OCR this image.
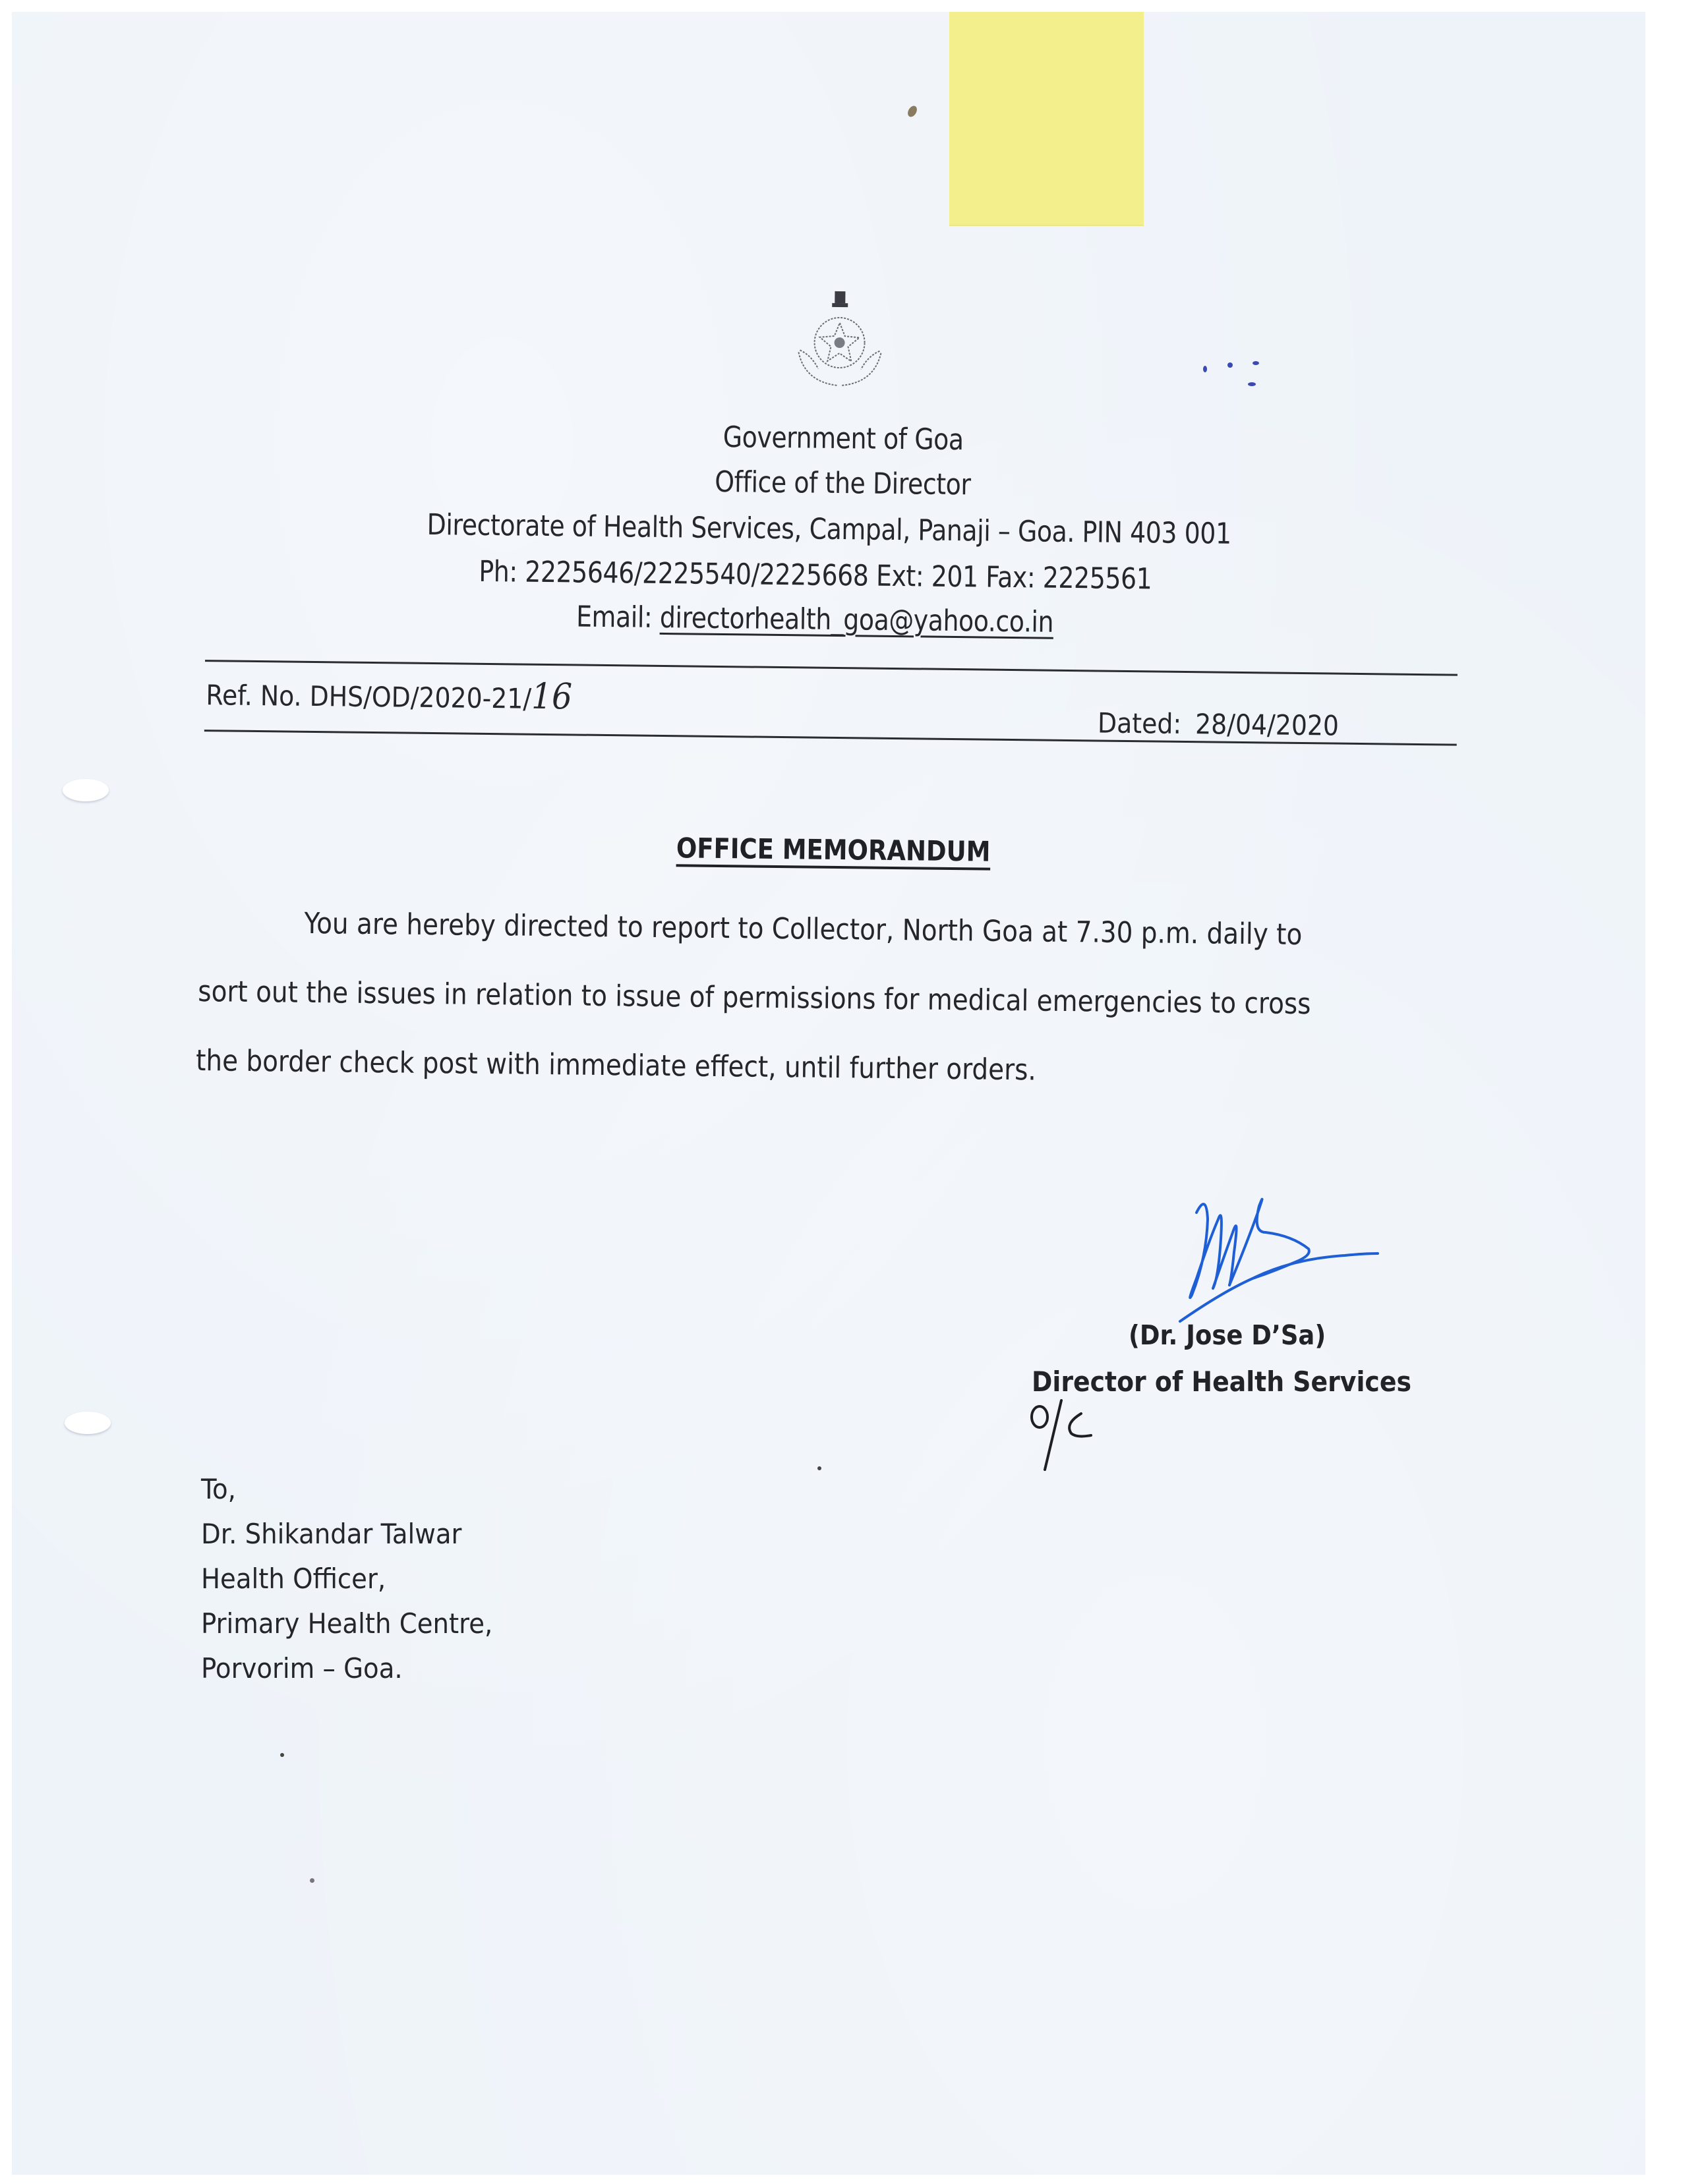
Government of Goa
Office of the Director
Directorate of Health Services, Campal, Panaji – Goa. PIN 403 001
Ph: 2225646/2225540/2225668 Ext: 201 Fax: 2225561
Email: directorhealth_goa@yahoo.co.in
Ref. No. DHS/OD/2020-21/16
Dated: 28/04/2020
OFFICE MEMORANDUM
You are hereby directed to report to Collector, North Goa at 7.30 p.m. daily to
sort out the issues in relation to issue of permissions for medical emergencies to cross
the border check post with immediate effect, until further orders.
(Dr. Jose D’Sa)
Director of Health Services
To,
Dr. Shikandar Talwar
Health Officer,
Primary Health Centre,
Porvorim – Goa.
